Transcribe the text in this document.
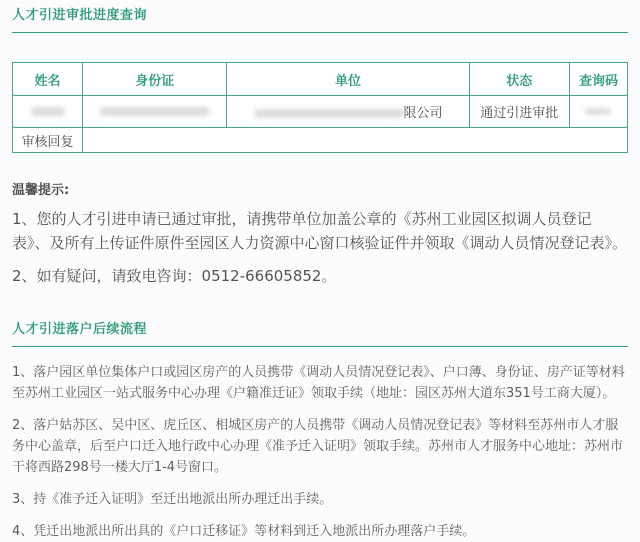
人才引进审批进度查询
姓名	身份证	单位	状态	查询码
		限公司	通过引进审批	
审核回复				
温馨提示:
1、您的人才引进申请已通过审批，请携带单位加盖公章的《苏州工业园区拟调人员登记表》、及所有上传证件原件至园区人力资源中心窗口核验证件并领取《调动人员情况登记表》。
2、如有疑问，请致电咨询：0512-66605852。
人才引进落户后续流程
1、落户园区单位集体户口或园区房产的人员携带《调动人员情况登记表》、户口薄、身份证、房产证等材料至苏州工业园区一站式服务中心办理《户籍准迁证》领取手续（地址：园区苏州大道东351号工商大厦）。
2、落户姑苏区、吴中区、虎丘区、相城区房产的人员携带《调动人员情况登记表》等材料至苏州市人才服务中心盖章，后至户口迁入地行政中心办理《准予迁入证明》领取手续。苏州市人才服务中心地址：苏州市干将西路298号一楼大厅1-4号窗口。
3、持《准予迁入证明》至迁出地派出所办理迁出手续。
4、凭迁出地派出所出具的《户口迁移证》等材料到迁入地派出所办理落户手续。
